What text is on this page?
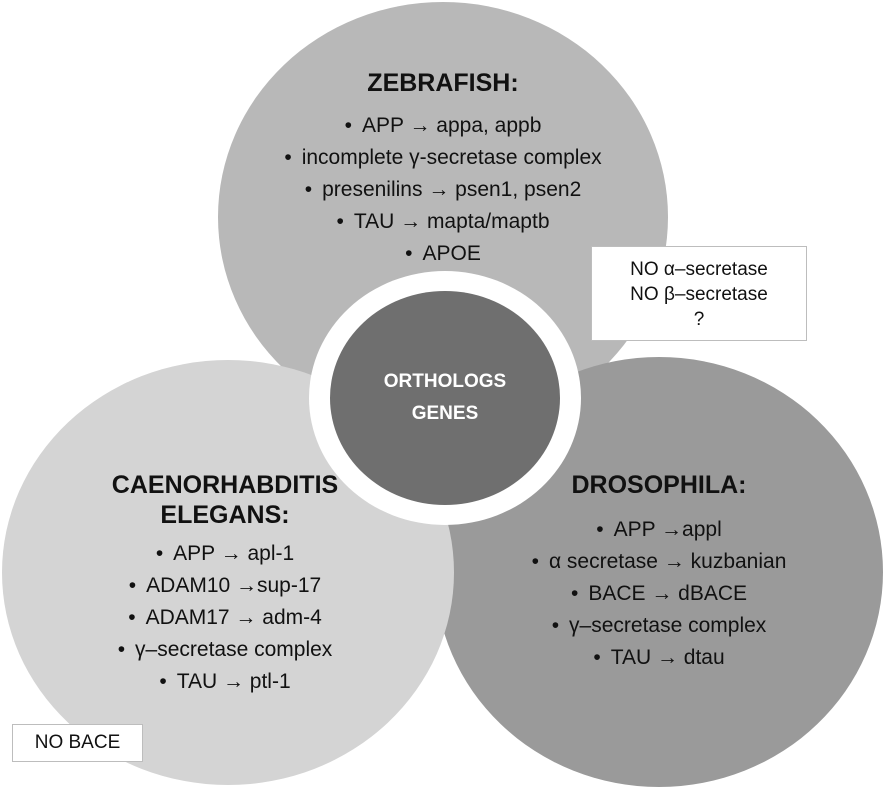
ORTHOLOGS
GENES
ZEBRAFISH:
• APP → appa, appb
• incomplete γ-secretase complex
• presenilins → psen1, psen2
• TAU → mapta/maptb
• APOE
DROSOPHILA:
• APP →appl
• α secretase → kuzbanian
• BACE → dBACE
• γ–secretase complex
• TAU → dtau
CAENORHABDITIS
ELEGANS:
• APP → apl-1
• ADAM10 →sup-17
• ADAM17 → adm-4
• γ–secretase complex
• TAU → ptl-1
NO α–secretase
NO β–secretase
?
NO BACE
